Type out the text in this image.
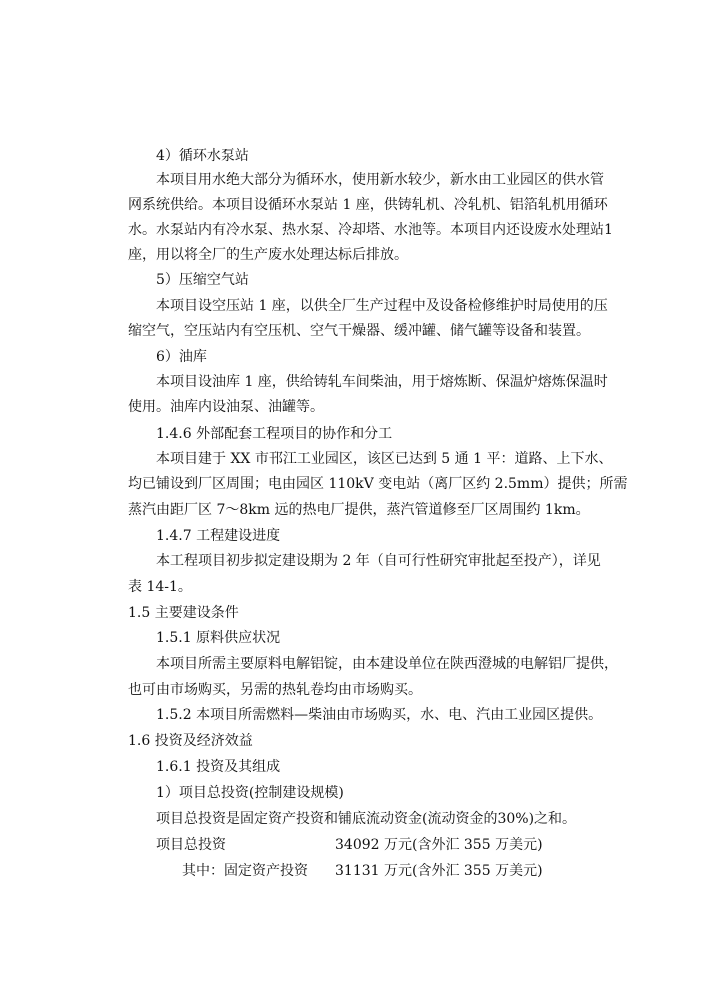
4）循环水泵站
本项目用水绝大部分为循环水，使用新水较少，新水由工业园区的供水管
网系统供给。本项目设循环水泵站 1 座，供铸轧机、冷轧机、铝箔轧机用循环
水。水泵站内有冷水泵、热水泵、冷却塔、水池等。本项目内还设废水处理站1
座，用以将全厂的生产废水处理达标后排放。
5）压缩空气站
本项目设空压站 1 座，以供全厂生产过程中及设备检修维护时局使用的压
缩空气，空压站内有空压机、空气干燥器、缓冲罐、储气罐等设备和装置。
6）油库
本项目设油库 1 座，供给铸轧车间柴油，用于熔炼断、保温炉熔炼保温时
使用。油库内设油泵、油罐等。
1.4.6 外部配套工程项目的协作和分工
本项目建于 XX 市邗江工业园区，该区已达到 5 通 1 平：道路、上下水、
均已铺设到厂区周围；电由园区 110kV 变电站（离厂区约 2.5mm）提供；所需
蒸汽由距厂区 7～8km 远的热电厂提供，蒸汽管道修至厂区周围约 1km。
1.4.7 工程建设进度
本工程项目初步拟定建设期为 2 年（自可行性研究审批起至投产），详见
表 14-1。
1.5 主要建设条件
1.5.1 原料供应状况
本项目所需主要原料电解铝锭，由本建设单位在陕西澄城的电解铝厂提供，
也可由市场购买，另需的热轧卷均由市场购买。
1.5.2 本项目所需燃料—柴油由市场购买，水、电、汽由工业园区提供。
1.6 投资及经济效益
1.6.1 投资及其组成
1）项目总投资(控制建设规模)
项目总投资是固定资产投资和铺底流动资金(流动资金的30%)之和。
项目总投资	34092 万元(含外汇 355 万美元)
其中：固定资产投资 31131 万元(含外汇 355 万美元)
